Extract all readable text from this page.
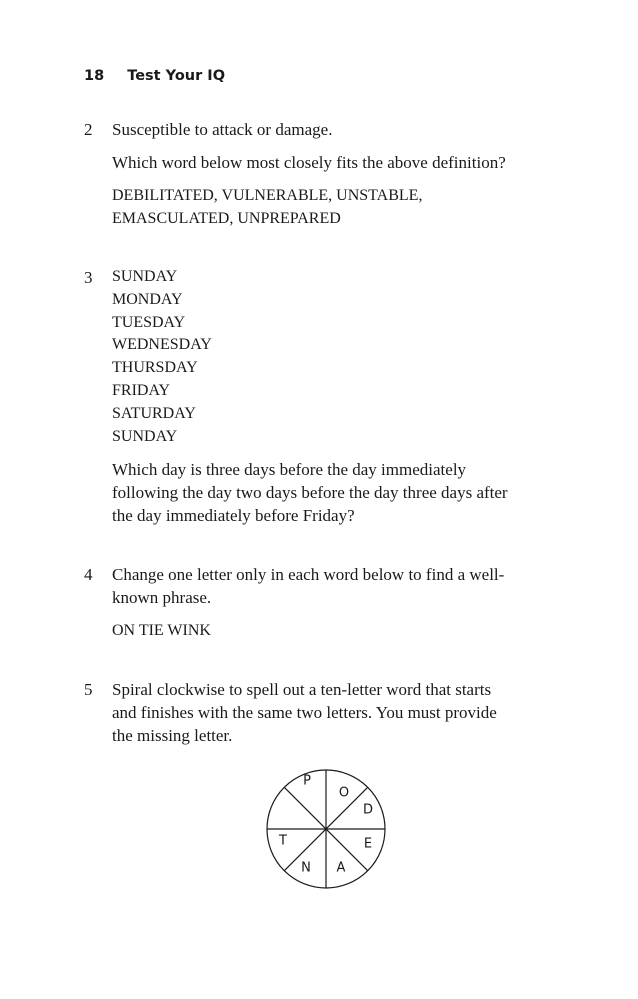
18 Test Your IQ
2 Susceptible to attack or damage.

Which word below most closely fits the above definition?

DEBILITATED, VULNERABLE, UNSTABLE,

EMASCULATED, UNPREPARED

3 SUNDAY
MONDAY
TUESDAY
WEDNESDAY
THURSDAY
FRIDAY
SATURDAY
SUNDAY

Which day is three days before the day immediately

following the day two days before the day three days after

the day immediately before Friday?

4 Change one letter only in each word below to find a well-

known phrase.

ON TIE WINK

5 Spiral clockwise to spell out a ten-letter word that starts

and finishes with the same two letters. You must provide

the missing letter.

O
D
E
A
N
T
P
